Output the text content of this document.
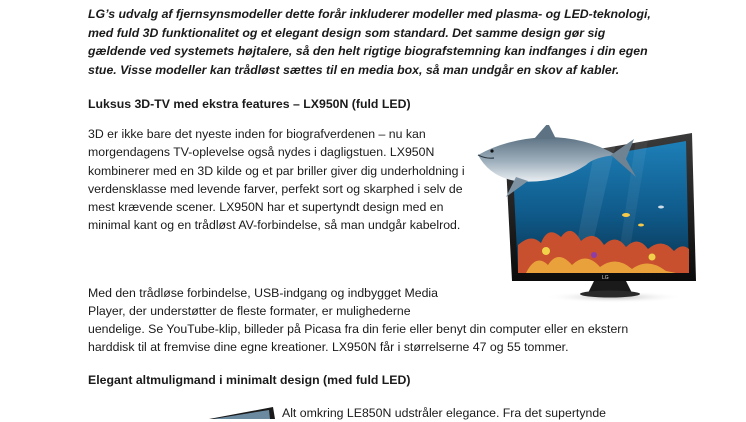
LG’s udvalg af fjernsynsmodeller dette forår inkluderer modeller med plasma- og LED-teknologi, med fuld 3D funktionalitet og et elegant design som standard. Det samme design gør sig gældende ved systemets højtalere, så den helt rigtige biografstemning kan indfanges i din egen stue. Visse modeller kan trådløst sættes til en media box, så man undgår en skov af kabler.

Luksus 3D-TV med ekstra features – LX950N (fuld LED)

3D er ikke bare det nyeste inden for biografverdenen – nu kan morgendagens TV-oplevelse også nydes i dagligstuen. LX950N kombinerer med en 3D kilde og et par briller giver dig underholdning i verdensklasse med levende farver, perfekt sort og skarphed i selv de mest krævende scener. LX950N har et supertyndt design med en minimal kant og en trådløst AV-forbindelse, så man undgår kabelrod.

Med den trådløse forbindelse, USB-indgang og indbygget Media Player, der understøtter de fleste formater, er mulighederne

uendelige. Se YouTube-klip, billeder på Picasa fra din ferie eller benyt din computer eller en ekstern harddisk til at fremvise dine egne kreationer. LX950N får i størrelserne 47 og 55 tommer.

Elegant altmuligmand i minimalt design (med fuld LED)

Alt omkring LE850N udstråler elegance. Fra det supertynde

LG
